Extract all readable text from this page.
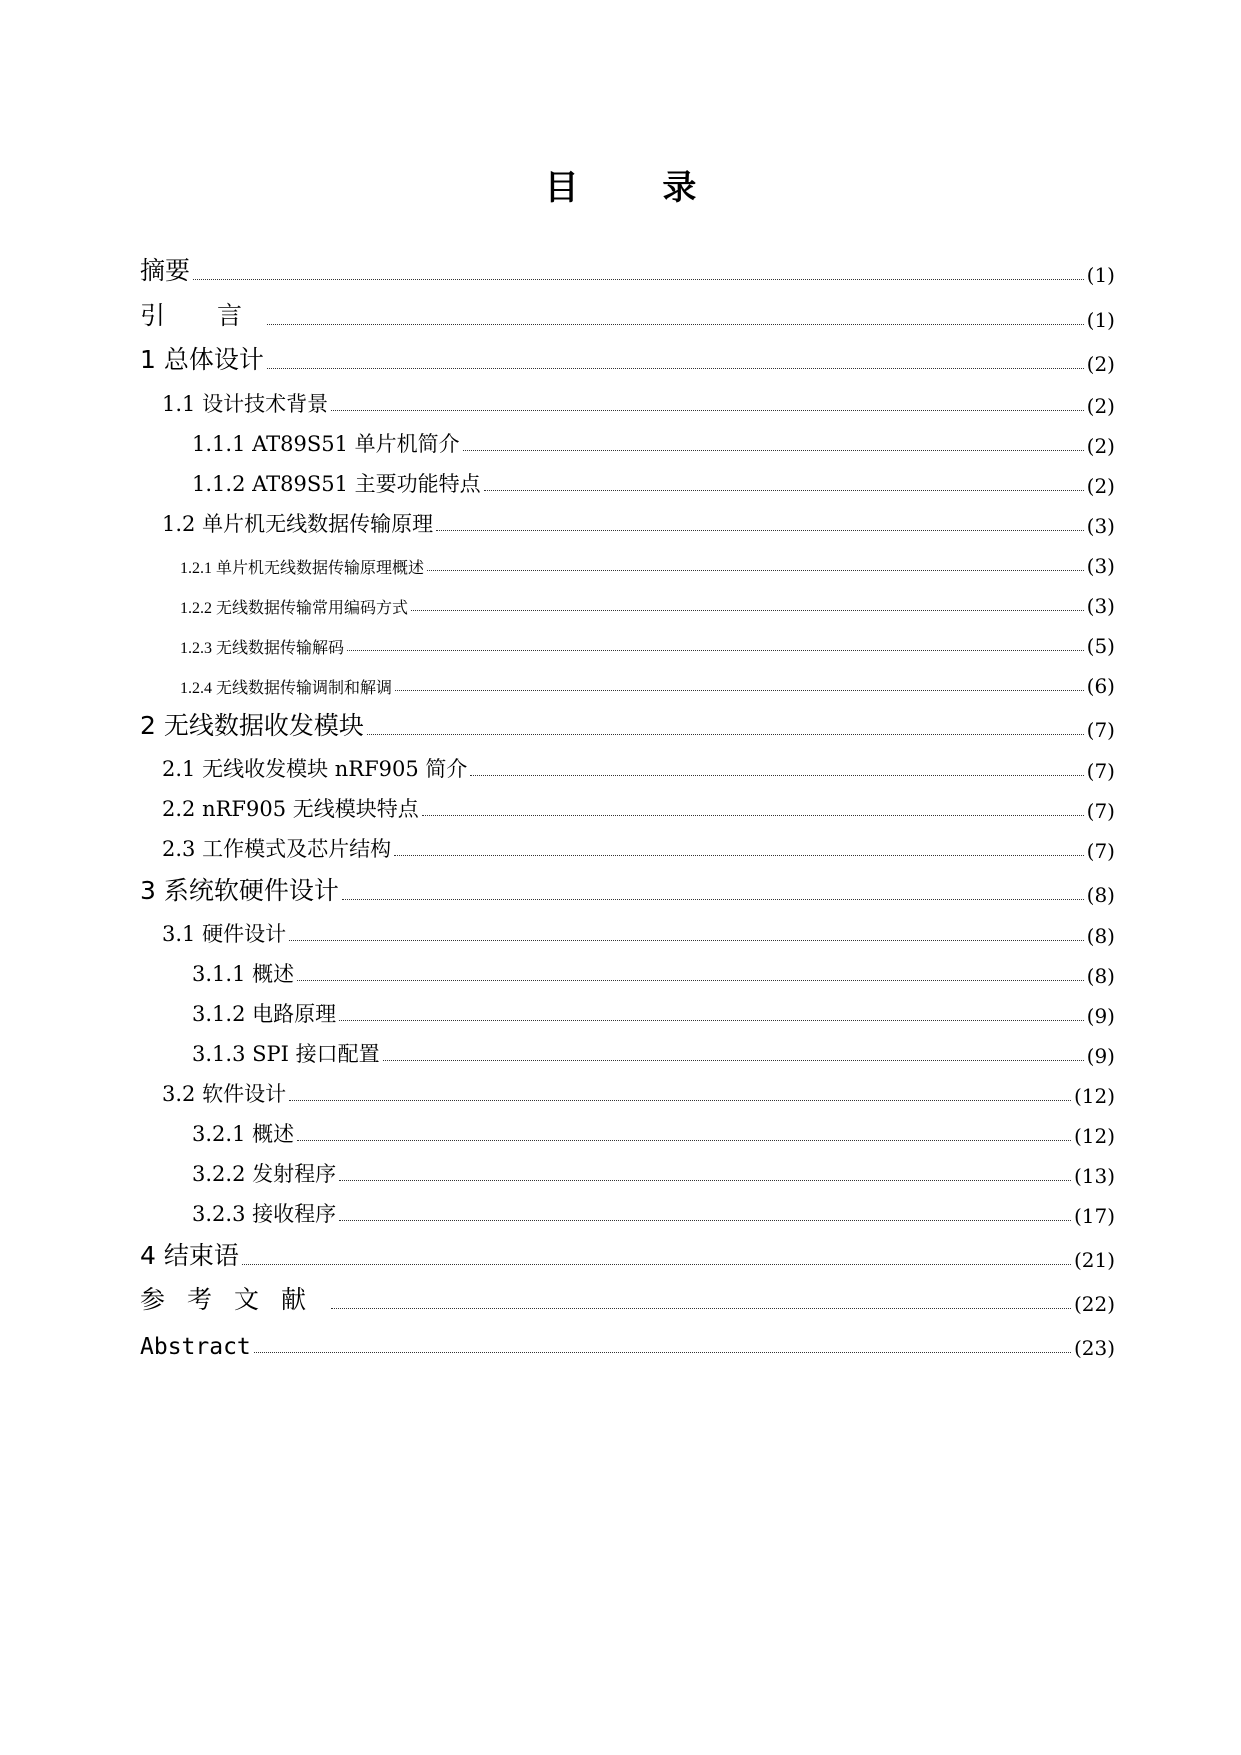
目 录
摘要	(1)
引 言	(1)
1 总体设计	(2)
1.1 设计技术背景	(2)
1.1.1 AT89S51 单片机简介	(2)
1.1.2 AT89S51 主要功能特点	(2)
1.2 单片机无线数据传输原理	(3)
1.2.1 单片机无线数据传输原理概述	(3)
1.2.2 无线数据传输常用编码方式	(3)
1.2.3 无线数据传输解码	(5)
1.2.4 无线数据传输调制和解调	(6)
2 无线数据收发模块	(7)
2.1 无线收发模块 nRF905 简介	(7)
2.2 nRF905 无线模块特点	(7)
2.3 工作模式及芯片结构	(7)
3 系统软硬件设计	(8)
3.1 硬件设计	(8)
3.1.1 概述	(8)
3.1.2 电路原理	(9)
3.1.3 SPI 接口配置	(9)
3.2 软件设计	(12)
3.2.1 概述	(12)
3.2.2 发射程序	(13)
3.2.3 接收程序	(17)
4 结束语	(21)
参考文献	(22)
Abstract	(23)
